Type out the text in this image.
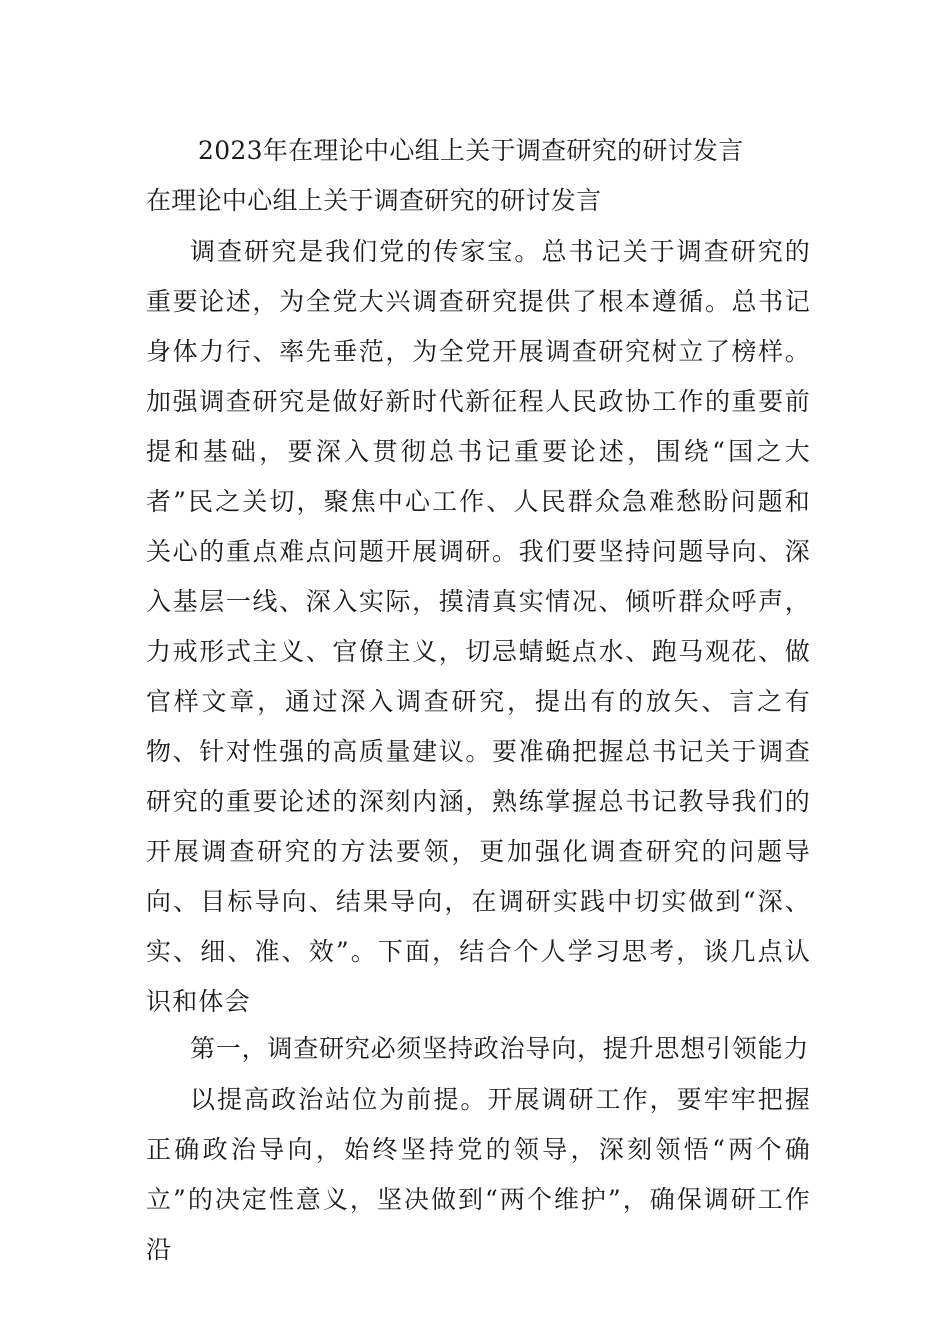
2023年在理论中心组上关于调查研究的研讨发言
在理论中心组上关于调查研究的研讨发言
调查研究是我们党的传家宝。总书记关于调查研究的重要论述，为全党大兴调查研究提供了根本遵循。总书记身体力行、率先垂范，为全党开展调查研究树立了榜样。加强调查研究是做好新时代新征程人民政协工作的重要前提和基础，要深入贯彻总书记重要论述，围绕“国之大者”民之关切，聚焦中心工作、人民群众急难愁盼问题和关心的重点难点问题开展调研。我们要坚持问题导向、深入基层一线、深入实际，摸清真实情况、倾听群众呼声，力戒形式主义、官僚主义，切忌蜻蜓点水、跑马观花、做官样文章，通过深入调查研究，提出有的放矢、言之有物、针对性强的高质量建议。要准确把握总书记关于调查研究的重要论述的深刻内涵，熟练掌握总书记教导我们的开展调查研究的方法要领，更加强化调查研究的问题导向、目标导向、结果导向，在调研实践中切实做到“深、实、细、准、效”。下面，结合个人学习思考，谈几点认识和体会
第一，调查研究必须坚持政治导向，提升思想引领能力
以提高政治站位为前提。开展调研工作，要牢牢把握正确政治导向，始终坚持党的领导，深刻领悟“两个确立”的决定性意义，坚决做到“两个维护”，确保调研工作沿
